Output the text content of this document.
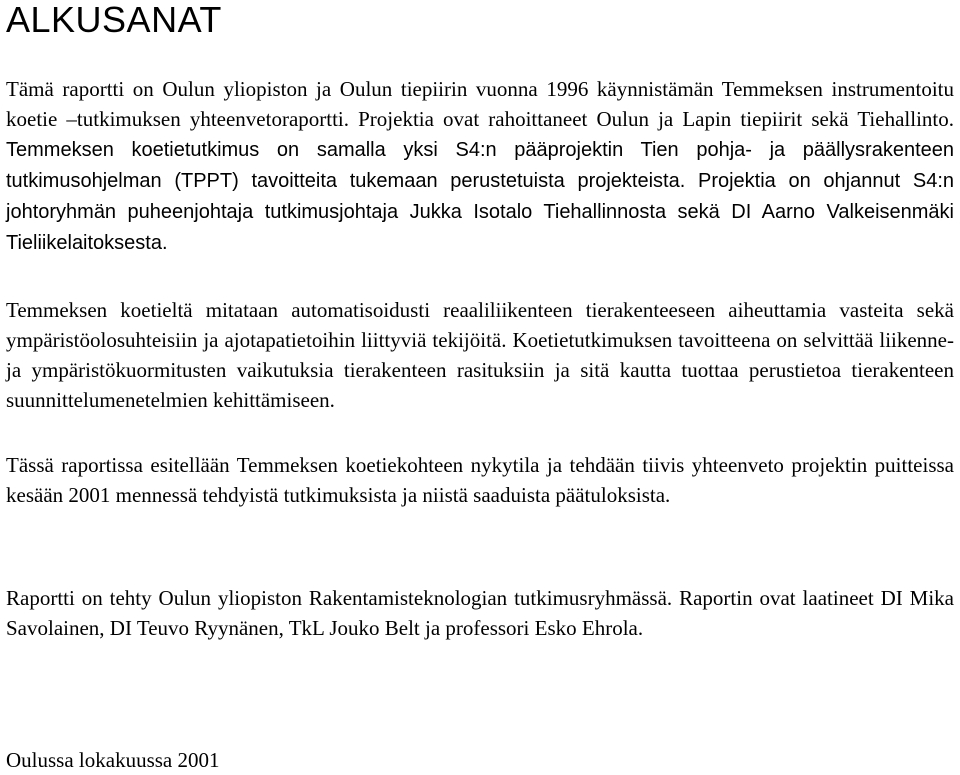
ALKUSANAT

Tämä raportti on Oulun yliopiston ja Oulun tiepiirin vuonna 1996 käynnistämän Temmeksen instrumentoitu koetie –tutkimuksen yhteenvetoraportti. Projektia ovat rahoittaneet Oulun ja Lapin tiepiirit sekä Tiehallinto. Temmeksen koetietutkimus on samalla yksi S4:n pääprojektin Tien pohja- ja päällysrakenteen tutkimusohjelman (TPPT) tavoitteita tukemaan perustetuista projekteista. Projektia on ohjannut S4:n johtoryhmän puheenjohtaja tutkimusjohtaja Jukka Isotalo Tiehallinnosta sekä DI Aarno Valkeisenmäki Tieliikelaitoksesta.

Temmeksen koetieltä mitataan automatisoidusti reaaliliikenteen tierakenteeseen aiheuttamia vasteita sekä ympäristöolosuhteisiin ja ajotapatietoihin liittyviä tekijöitä. Koetietutkimuksen tavoitteena on selvittää liikenne- ja ympäristökuormitusten vaikutuksia tierakenteen rasituksiin ja sitä kautta tuottaa perustietoa tierakenteen suunnittelumenetelmien kehittämiseen.

Tässä raportissa esitellään Temmeksen koetiekohteen nykytila ja tehdään tiivis yhteenveto projektin puitteissa kesään 2001 mennessä tehdyistä tutkimuksista ja niistä saaduista päätuloksista.

Raportti on tehty Oulun yliopiston Rakentamisteknologian tutkimusryhmässä. Raportin ovat laatineet DI Mika Savolainen, DI Teuvo Ryynänen, TkL Jouko Belt ja professori Esko Ehrola.

Oulussa lokakuussa 2001
